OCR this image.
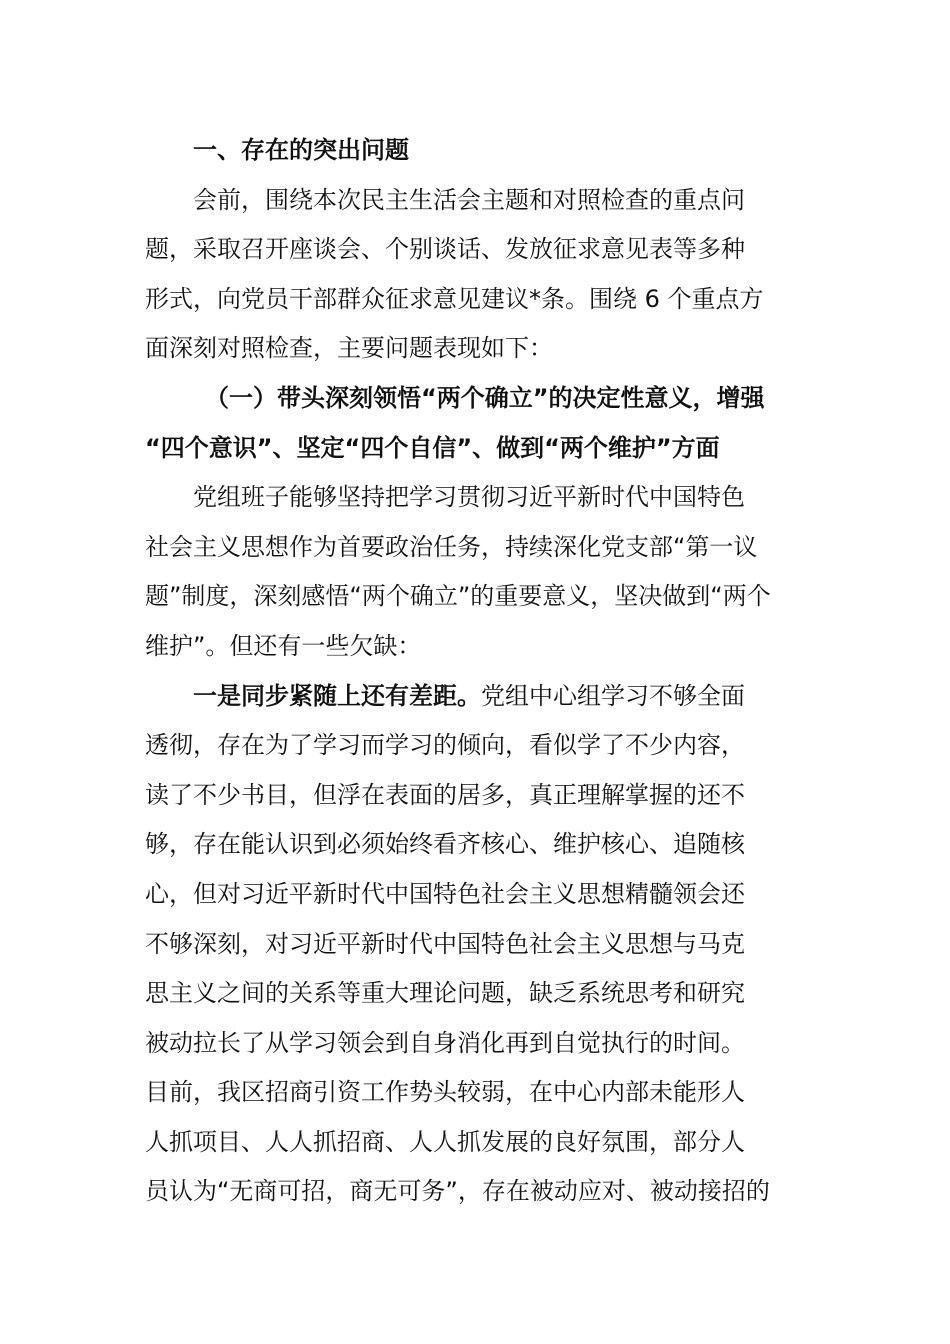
一、存在的突出问题

会前，围绕本次民主生活会主题和对照检查的重点问
题，采取召开座谈会、个别谈话、发放征求意见表等多种
形式，向党员干部群众征求意见建议*条。围绕 6 个重点方
面深刻对照检查，主要问题表现如下：
（一）带头深刻领悟“两个确立”的决定性意义，增强
“四个意识”、坚定“四个自信”、做到“两个维护”方面
党组班子能够坚持把学习贯彻习近平新时代中国特色
社会主义思想作为首要政治任务，持续深化党支部“第一议
题”制度，深刻感悟“两个确立”的重要意义，坚决做到“两个
维护”。但还有一些欠缺：
一是同步紧随上还有差距。党组中心组学习不够全面
透彻，存在为了学习而学习的倾向，看似学了不少内容，
读了不少书目，但浮在表面的居多，真正理解掌握的还不
够，存在能认识到必须始终看齐核心、维护核心、追随核
心，但对习近平新时代中国特色社会主义思想精髓领会还
不够深刻，对习近平新时代中国特色社会主义思想与马克
思主义之间的关系等重大理论问题，缺乏系统思考和研究
被动拉长了从学习领会到自身消化再到自觉执行的时间。
目前，我区招商引资工作势头较弱，在中心内部未能形人
人抓项目、人人抓招商、人人抓发展的良好氛围，部分人
员认为“无商可招，商无可务”，存在被动应对、被动接招的
